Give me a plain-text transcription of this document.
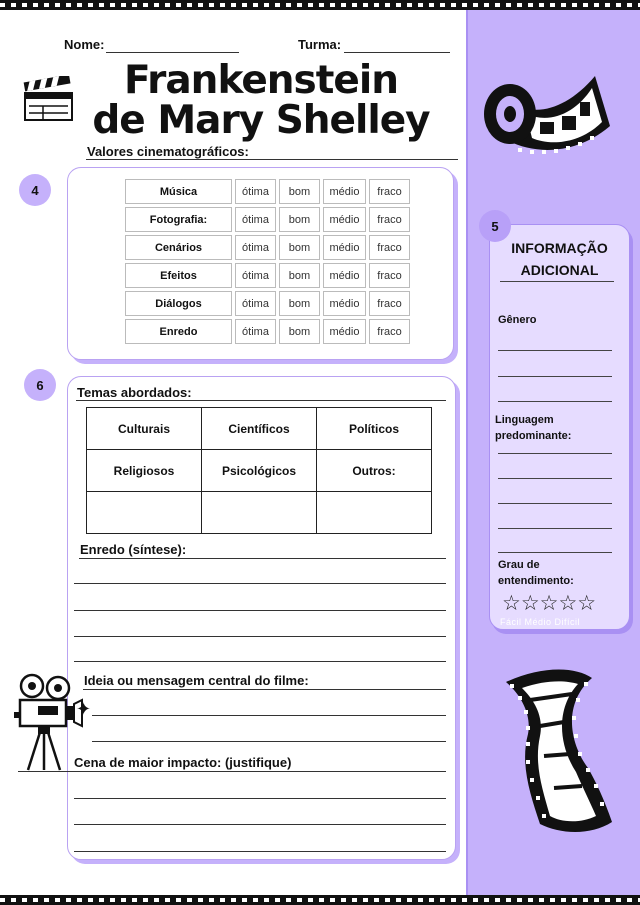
Nome:	Turma:
Frankenstein
de Mary Shelley
4
Valores cinematográficos:
Música	ótima	bom	médio	fraco
Fotografia:	ótima	bom	médio	fraco
Cenários	ótima	bom	médio	fraco
Efeitos	ótima	bom	médio	fraco
Diálogos	ótima	bom	médio	fraco
Enredo	ótima	bom	médio	fraco
6	Temas abordados:
Culturais	Científicos	Políticos
Religiosos	Psicológicos	Outros:

Enredo (síntese):
Ideia ou mensagem central do filme:
Cena de maior impacto: (justifique)
✦
5
INFORMAÇÃO
ADICIONAL
Gênero
Linguagem
predominante:
Grau de
entendimento:
☆☆☆☆☆
Fácil Médio Difícil
